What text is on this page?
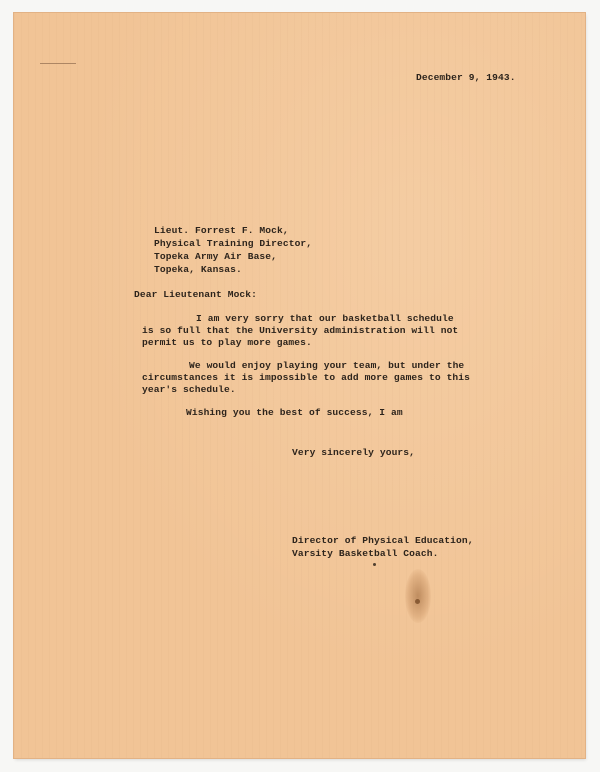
December 9, 1943.
Lieut. Forrest F. Mock,
Physical Training Director,
Topeka Army Air Base,
Topeka, Kansas.
Dear Lieutenant Mock:
I am very sorry that our basketball schedule
is so full that the University administration will not
permit us to play more games.
We would enjoy playing your team, but under the
circumstances it is impossible to add more games to this
year's schedule.
Wishing you the best of success, I am
Very sincerely yours,
Director of Physical Education,
Varsity Basketball Coach.
